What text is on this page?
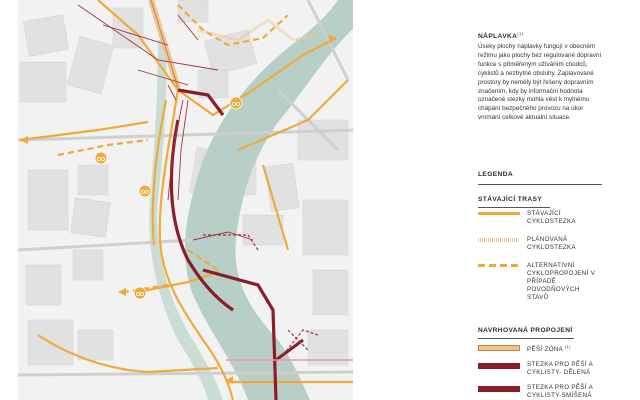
NÁPLAVKA$^{(1)}$
Úseky plochy náplavky fungují v obecném režimu jako plochy bez regulované dopravní funkce s přiměřeným užíváním chodců, cyklistů a nezbytné obsluhy. Zaplavované prostory by neměly být řešeny dopravním značením, kdy by informační hodnota označené stezky mohla vést k mylnému chápání bezpečného provozu na úkor vnímání celkové aktuální situace.
LEGENDA
STÁVAJÍCÍ TRASY
STÁVAJÍCÍ CYKLOSTEZKA
PLÁNOVANÁ CYKLOSTEZKA
ALTERNATIVNÍ CYKLOPROPOJENÍ V PŘÍPADĚ POVODŇOVÝCH STAVŮ
NAVRHOVANÁ PROPOJENÍ
PĚŠÍ ZÓNA $^{(1)}$
STEZKA PRO PĚŠÍ A CYKLISTY- DĚLENÁ
STEZKA PRO PĚŠÍ A CYKLISTY-SMÍŠENÁ
